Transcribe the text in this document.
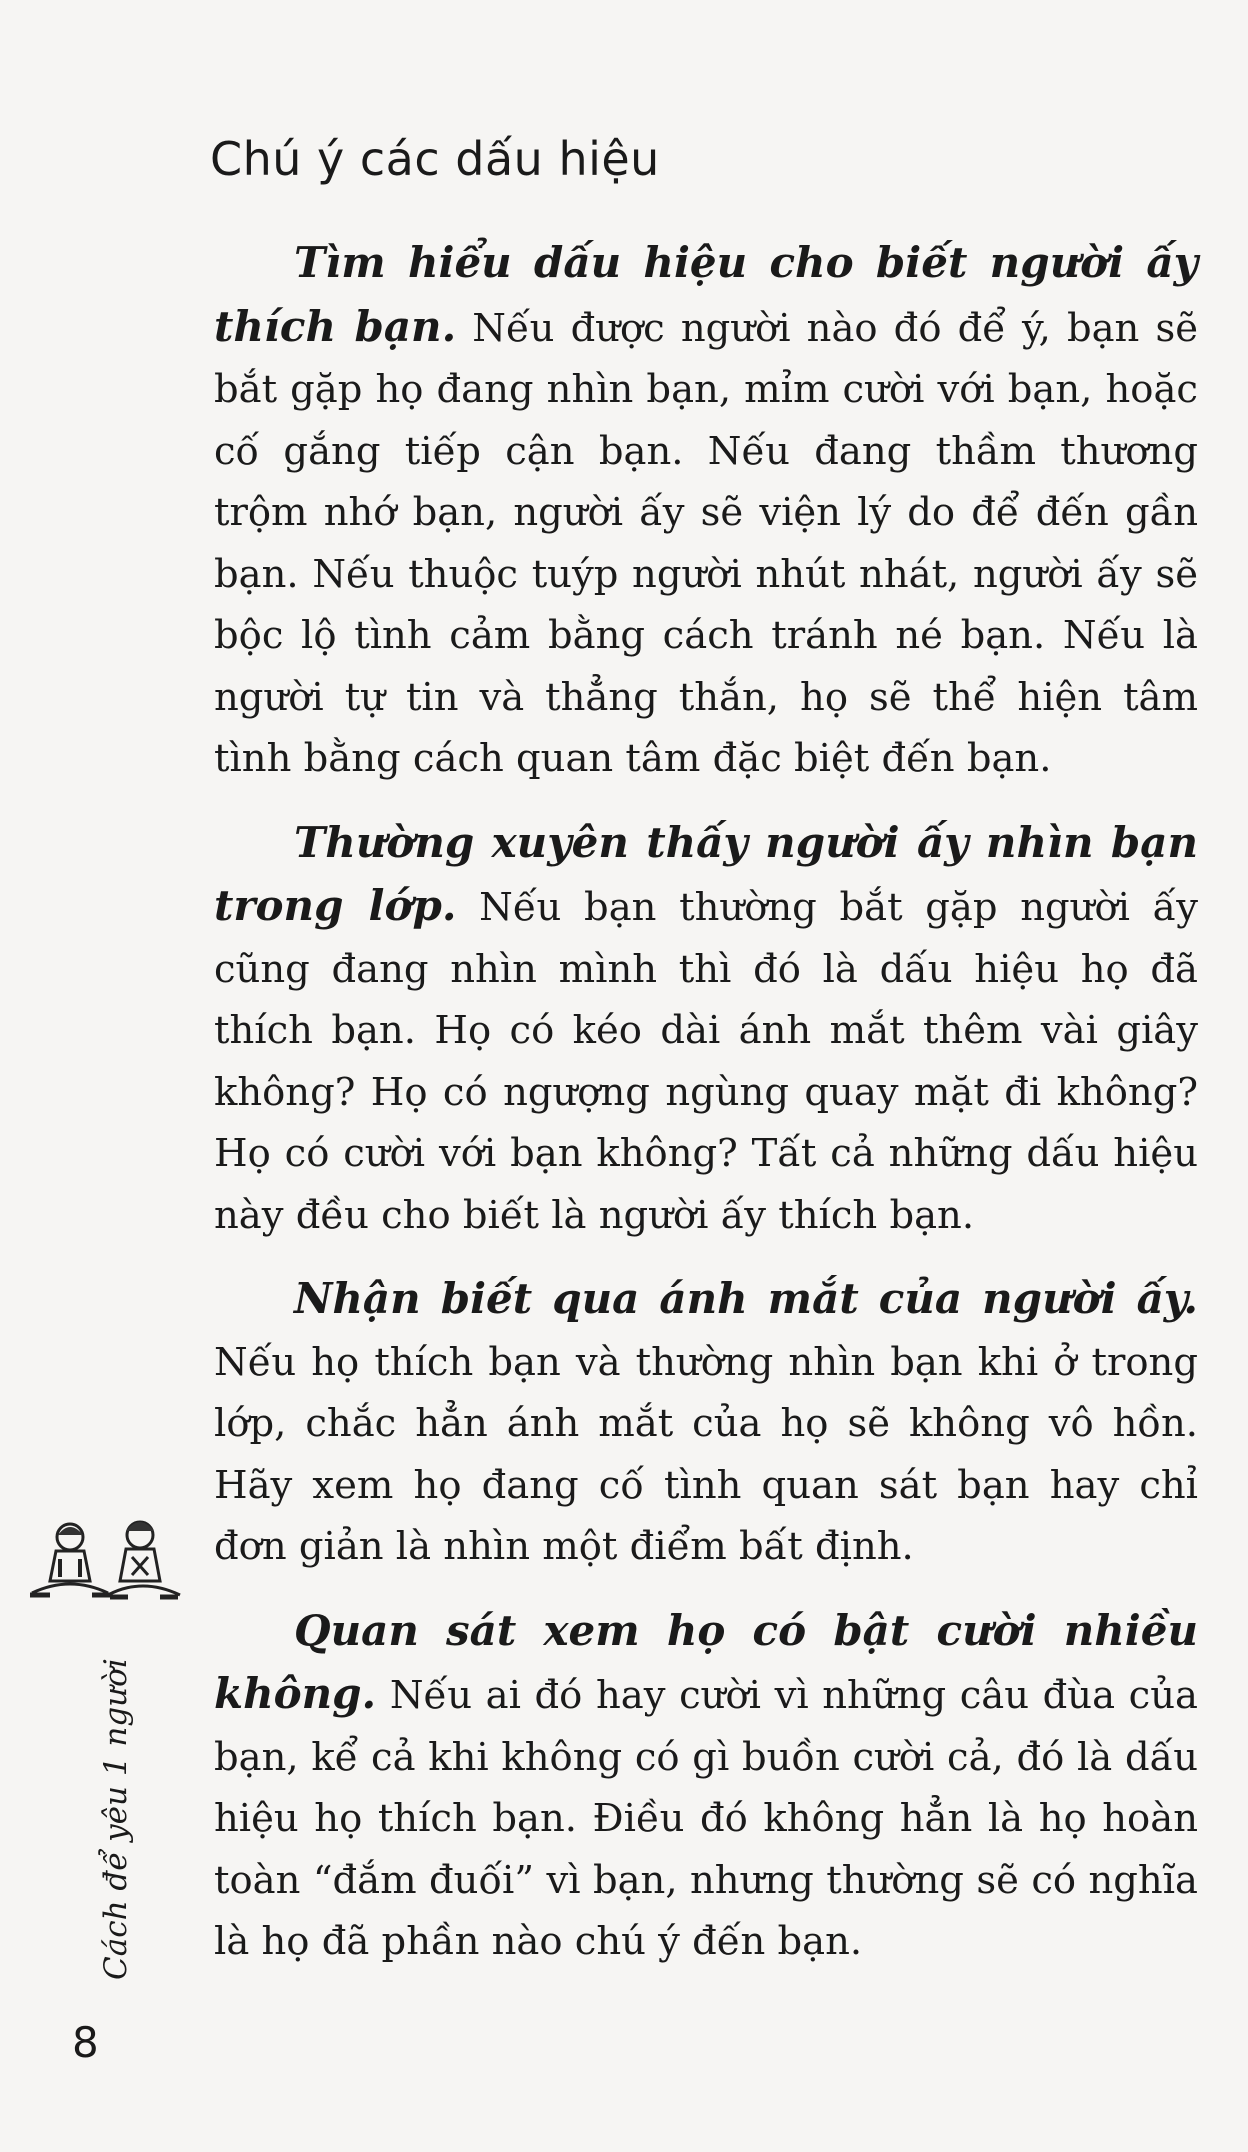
Chú ý các dấu hiệu

Tìm hiểu dấu hiệu cho biết người ấy thích bạn. Nếu được người nào đó để ý, bạn sẽ bắt gặp họ đang nhìn bạn, mỉm cười với bạn, hoặc cố gắng tiếp cận bạn. Nếu đang thầm thương trộm nhớ bạn, người ấy sẽ viện lý do để đến gần bạn. Nếu thuộc tuýp người nhút nhát, người ấy sẽ bộc lộ tình cảm bằng cách tránh né bạn. Nếu là người tự tin và thẳng thắn, họ sẽ thể hiện tâm tình bằng cách quan tâm đặc biệt đến bạn.

Thường xuyên thấy người ấy nhìn bạn trong lớp. Nếu bạn thường bắt gặp người ấy cũng đang nhìn mình thì đó là dấu hiệu họ đã thích bạn. Họ có kéo dài ánh mắt thêm vài giây không? Họ có ngượng ngùng quay mặt đi không? Họ có cười với bạn không? Tất cả những dấu hiệu này đều cho biết là người ấy thích bạn.

Nhận biết qua ánh mắt của người ấy. Nếu họ thích bạn và thường nhìn bạn khi ở trong lớp, chắc hẳn ánh mắt của họ sẽ không vô hồn. Hãy xem họ đang cố tình quan sát bạn hay chỉ đơn giản là nhìn một điểm bất định.

Quan sát xem họ có bật cười nhiều không. Nếu ai đó hay cười vì những câu đùa của bạn, kể cả khi không có gì buồn cười cả, đó là dấu hiệu họ thích bạn. Điều đó không hẳn là họ hoàn toàn “đắm đuối” vì bạn, nhưng thường sẽ có nghĩa là họ đã phần nào chú ý đến bạn.

Cách để yêu 1 người
8
